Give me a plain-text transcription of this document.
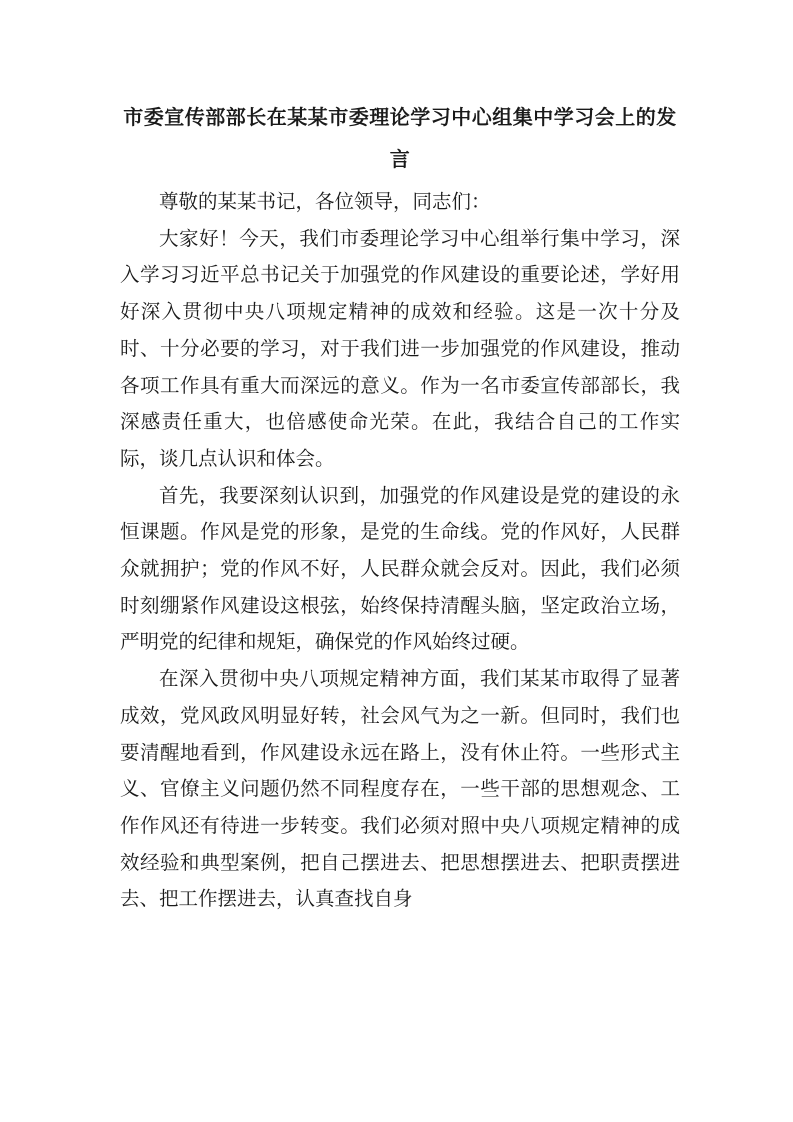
市委宣传部部长在某某市委理论学习中心组集中学习会上的发言

尊敬的某某书记，各位领导，同志们：

大家好！今天，我们市委理论学习中心组举行集中学习，深入学习习近平总书记关于加强党的作风建设的重要论述，学好用好深入贯彻中央八项规定精神的成效和经验。这是一次十分及时、十分必要的学习，对于我们进一步加强党的作风建设，推动各项工作具有重大而深远的意义。作为一名市委宣传部部长，我深感责任重大，也倍感使命光荣。在此，我结合自己的工作实际，谈几点认识和体会。

首先，我要深刻认识到，加强党的作风建设是党的建设的永恒课题。作风是党的形象，是党的生命线。党的作风好，人民群众就拥护；党的作风不好，人民群众就会反对。因此，我们必须时刻绷紧作风建设这根弦，始终保持清醒头脑，坚定政治立场，严明党的纪律和规矩，确保党的作风始终过硬。

在深入贯彻中央八项规定精神方面，我们某某市取得了显著成效，党风政风明显好转，社会风气为之一新。但同时，我们也要清醒地看到，作风建设永远在路上，没有休止符。一些形式主义、官僚主义问题仍然不同程度存在，一些干部的思想观念、工作作风还有待进一步转变。我们必须对照中央八项规定精神的成效经验和典型案例，把自己摆进去、把思想摆进去、把职责摆进去、把工作摆进去，认真查找自身
